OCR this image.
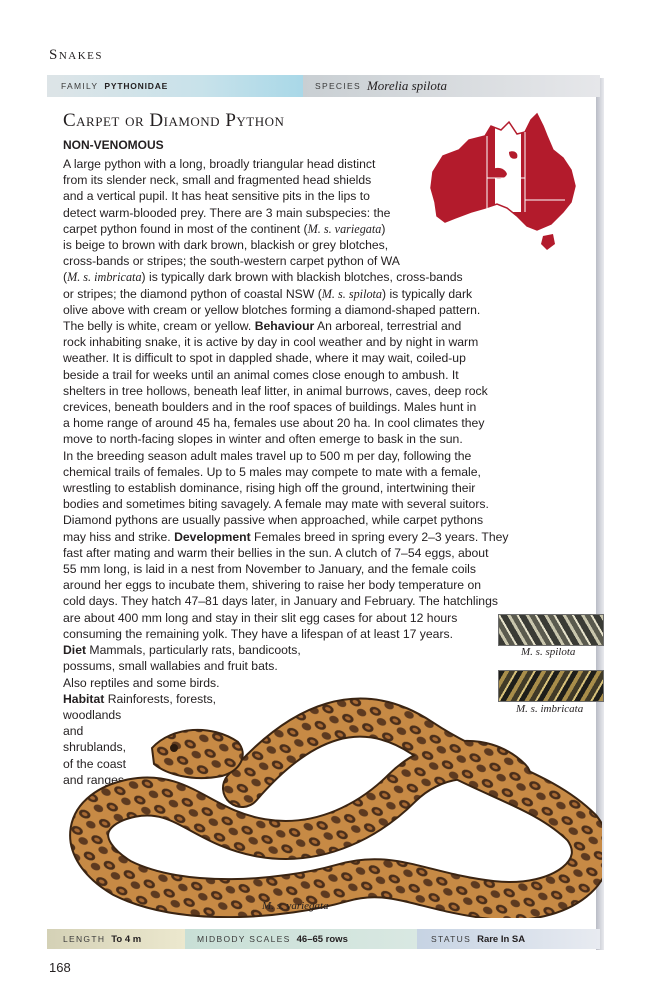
Snakes
FAMILY PYTHONIDAE	SPECIES Morelia spilota
Carpet or Diamond Python
NON-VENOMOUS
A large python with a long, broadly triangular head distinct
from its slender neck, small and fragmented head shields
and a vertical pupil. It has heat sensitive pits in the lips to
detect warm-blooded prey. There are 3 main subspecies: the
carpet python found in most of the continent (M. s. variegata)
is beige to brown with dark brown, blackish or grey blotches,
cross-bands or stripes; the south-western carpet python of WA
(M. s. imbricata) is typically dark brown with blackish blotches, cross-bands
or stripes; the diamond python of coastal NSW (M. s. spilota) is typically dark
olive above with cream or yellow blotches forming a diamond-shaped pattern.
The belly is white, cream or yellow. Behaviour An arboreal, terrestrial and
rock inhabiting snake, it is active by day in cool weather and by night in warm
weather. It is difficult to spot in dappled shade, where it may wait, coiled-up
beside a trail for weeks until an animal comes close enough to ambush. It
shelters in tree hollows, beneath leaf litter, in animal burrows, caves, deep rock
crevices, beneath boulders and in the roof spaces of buildings. Males hunt in
a home range of around 45 ha, females use about 20 ha. In cool climates they
move to north-facing slopes in winter and often emerge to bask in the sun.
In the breeding season adult males travel up to 500 m per day, following the
chemical trails of females. Up to 5 males may compete to mate with a female,
wrestling to establish dominance, rising high off the ground, intertwining their
bodies and sometimes biting savagely. A female may mate with several suitors.
Diamond pythons are usually passive when approached, while carpet pythons
may hiss and strike. Development Females breed in spring every 2–3 years. They
fast after mating and warm their bellies in the sun. A clutch of 7–54 eggs, about
55 mm long, is laid in a nest from November to January, and the female coils
around her eggs to incubate them, shivering to raise her body temperature on
cold days. They hatch 47–81 days later, in January and February. The hatchlings
are about 400 mm long and stay in their slit egg cases for about 12 hours
consuming the remaining yolk. They have a lifespan of at least 17 years.
Diet Mammals, particularly rats, bandicoots,
possums, small wallabies and fruit bats.
Also reptiles and some birds.
Habitat Rainforests, forests,
woodlands
and
shrublands,
of the coast
and ranges.
M. s. spilota
M. s. imbricata
M. s. variegata
LENGTH To 4 m	MIDBODY SCALES 46–65 rows	STATUS Rare In SA
168
